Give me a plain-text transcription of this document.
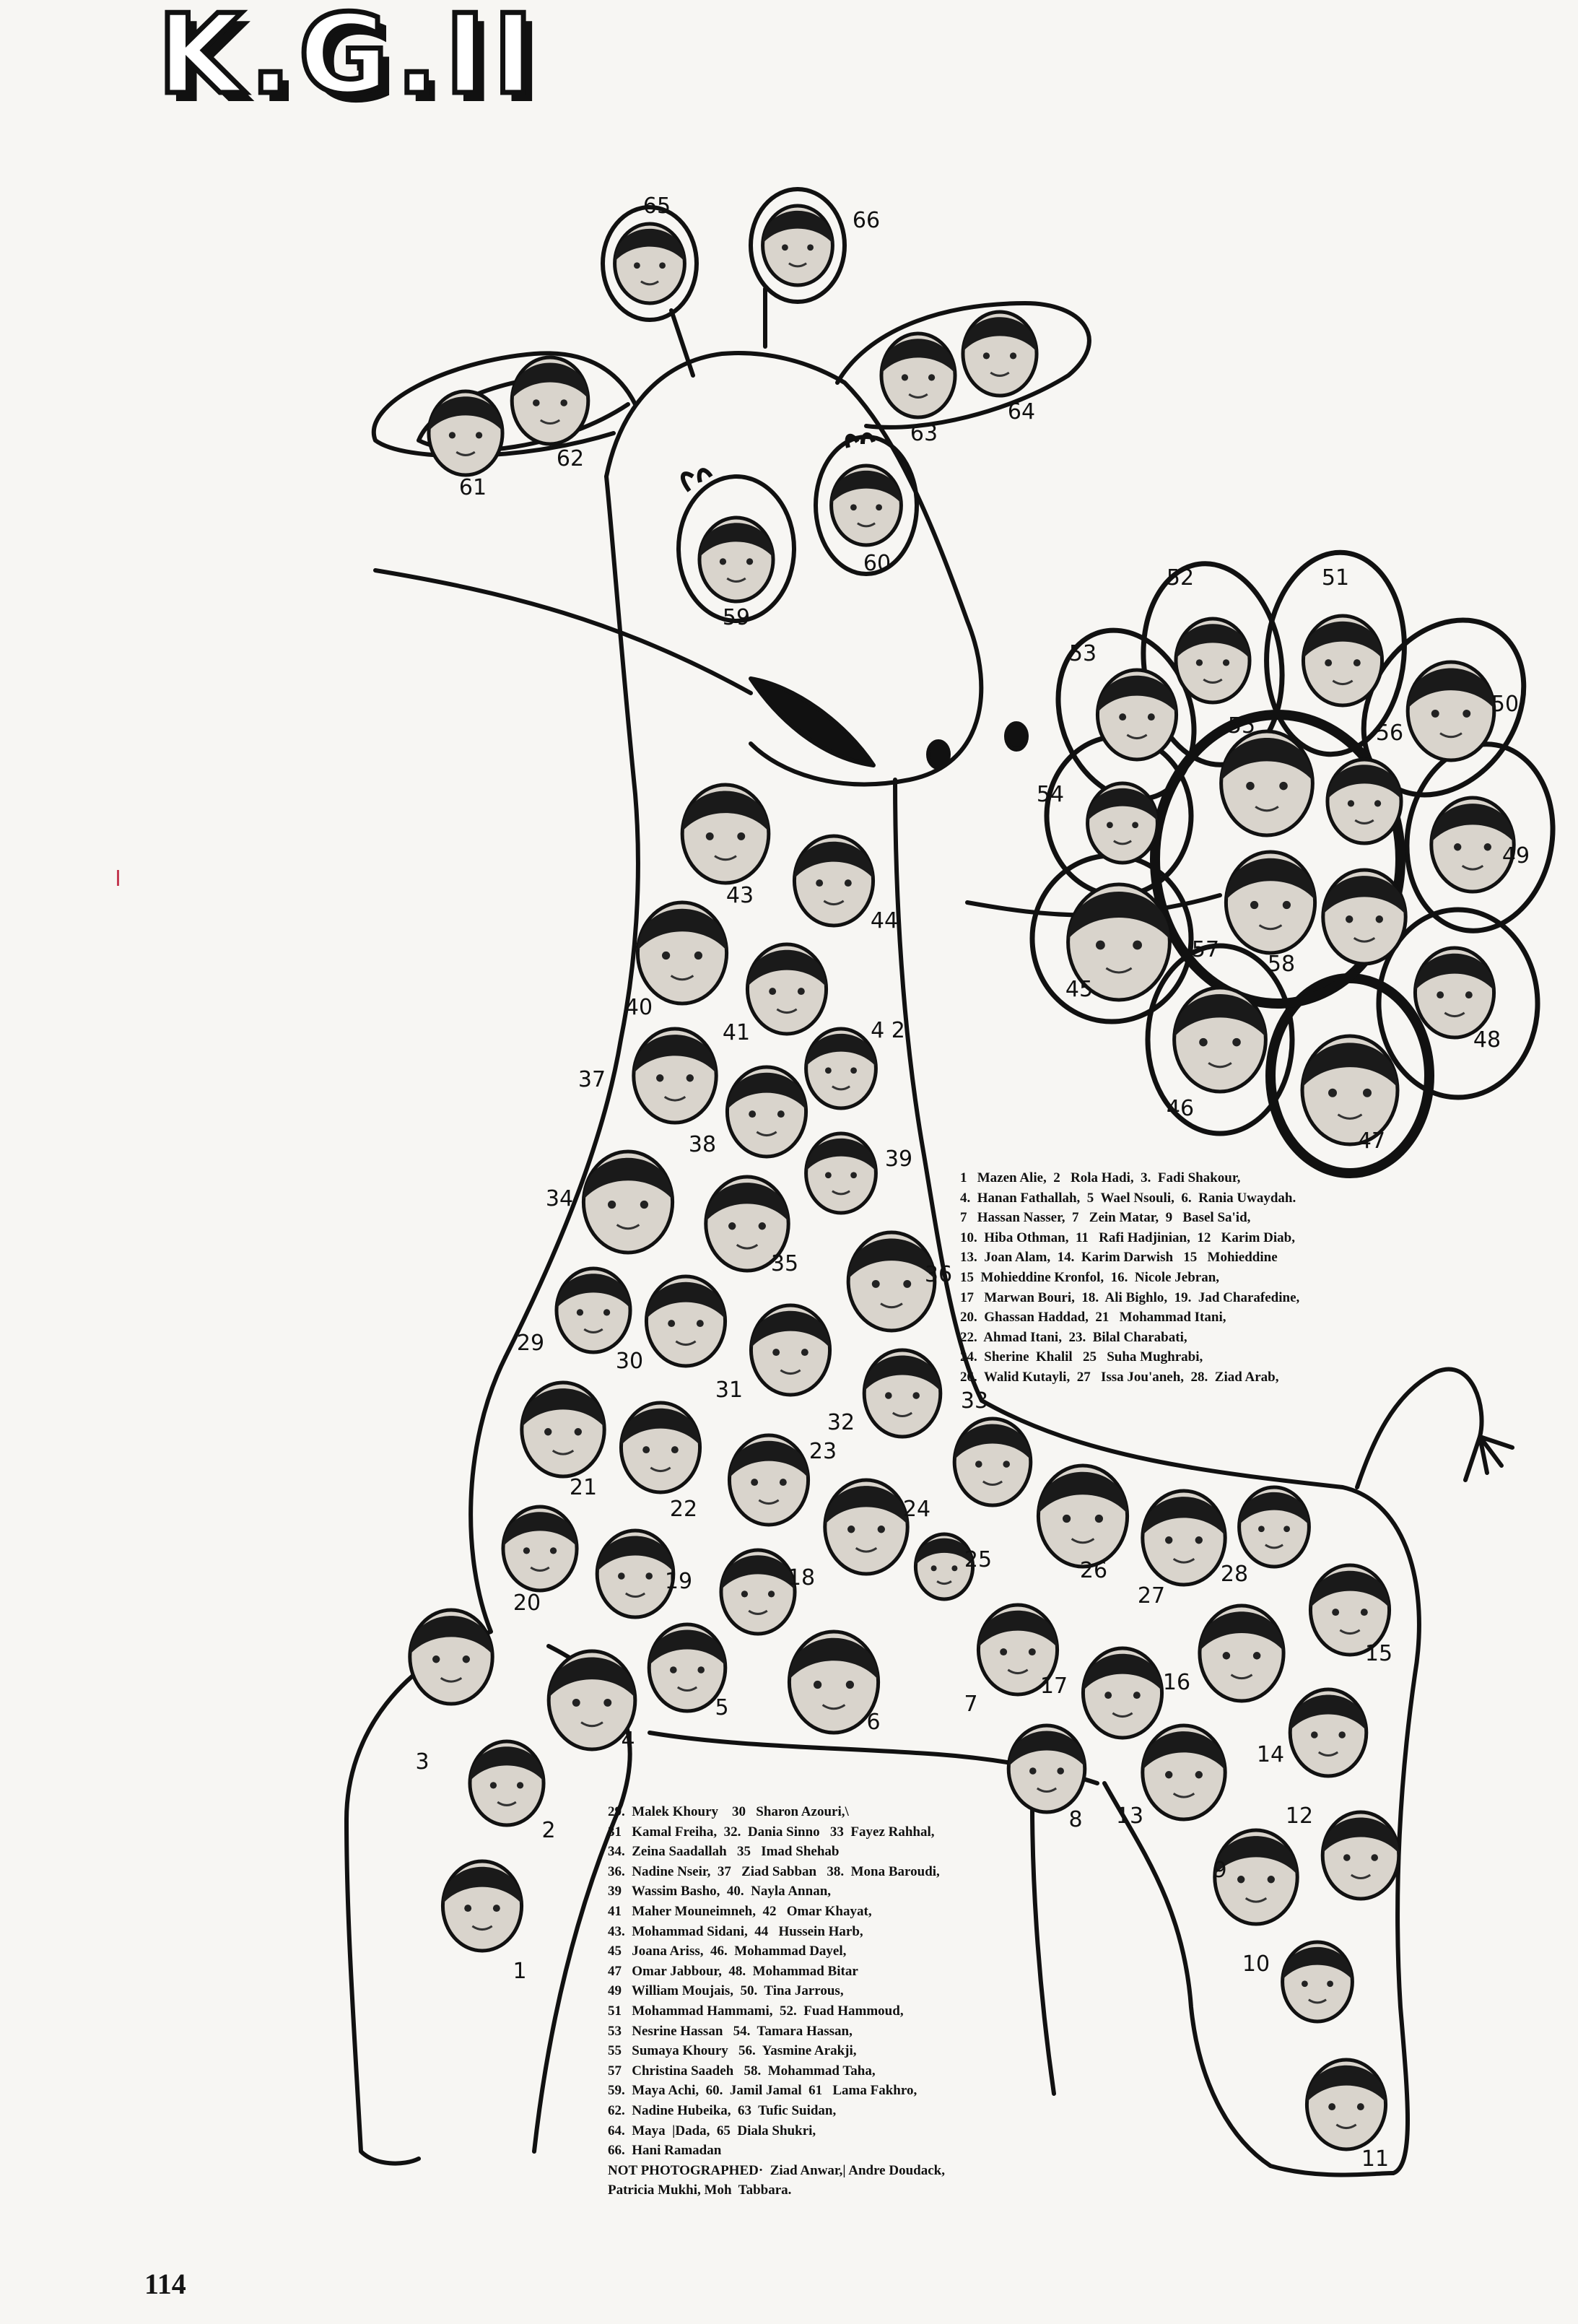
K.G.II
1
2
3
4
5
6
7
8
9
10
11
12
13
14
15
16
17
18
19
20
21
22
23
24
25	26
27
28
29
30
31
32
33
34
35	36
37
38
39
40
41	4 2
43
44
45
46
47
48
49
50
51
52
53
54
55	56
57
58
59
60
61
62
63
64
65
66
1   Mazen Alie,  2   Rola Hadi,  3.  Fadi Shakour,
4.  Hanan Fathallah,  5  Wael Nsouli,  6.  Rania Uwaydah.
7   Hassan Nasser,  7   Zein Matar,  9   Basel Sa'id,
10.  Hiba Othman,  11   Rafi Hadjinian,  12   Karim Diab,
13.  Joan Alam,  14.  Karim Darwish   15   Mohieddine
15  Mohieddine Kronfol,  16.  Nicole Jebran,
17   Marwan Bouri,  18.  Ali Bighlo,  19.  Jad Charafedine,
20.  Ghassan Haddad,  21   Mohammad Itani,
22.  Ahmad Itani,  23.  Bilal Charabati,
24.  Sherine  Khalil   25   Suha Mughrabi,
26.  Walid Kutayli,  27   Issa Jou'aneh,  28.  Ziad Arab,
29.  Malek Khoury    30   Sharon Azouri,\
31   Kamal Freiha,  32.  Dania Sinno   33  Fayez Rahhal,
34.  Zeina Saadallah   35   Imad Shehab
36.  Nadine Nseir,  37   Ziad Sabban   38.  Mona Baroudi,
39   Wassim Basho,  40.  Nayla Annan,
41   Maher Mouneimneh,  42   Omar Khayat,
43.  Mohammad Sidani,  44   Hussein Harb,
45   Joana Ariss,  46.  Mohammad Dayel,
47   Omar Jabbour,  48.  Mohammad Bitar
49   William Moujais,  50.  Tina Jarrous,
51   Mohammad Hammami,  52.  Fuad Hammoud,
53   Nesrine Hassan   54.  Tamara Hassan,
55   Sumaya Khoury   56.  Yasmine Arakji,
57   Christina Saadeh   58.  Mohammad Taha,
59.  Maya Achi,  60.  Jamil Jamal  61   Lama Fakhro,
62.  Nadine Hubeika,  63  Tufic Suidan,
64.  Maya  |Dada,  65  Diala Shukri,
66.  Hani Ramadan
NOT PHOTOGRAPHED·  Ziad Anwar,| Andre Doudack,
Patricia Mukhi, Moh  Tabbara.
114
